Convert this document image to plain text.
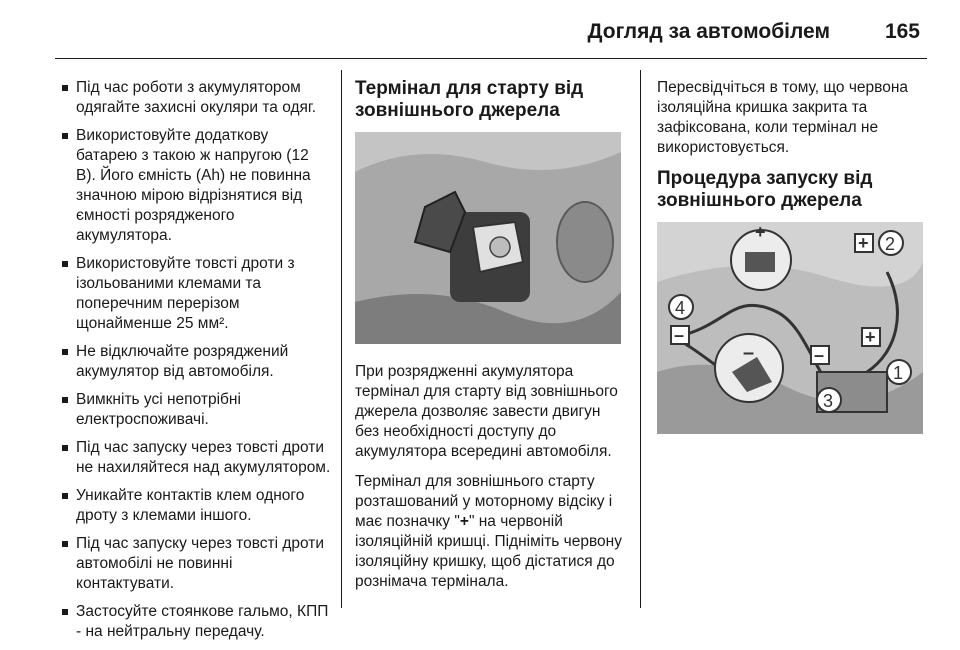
Догляд за автомобілем	165
Під час роботи з акумулятором одягайте захисні окуляри та одяг.
Використовуйте додаткову батарею з такою ж напругою (12 В). Його ємність (Ah) не повинна значною мірою відрізнятися від ємності розрядженого акумулятора.
Використовуйте товсті дроти з ізольованими клемами та поперечним перерізом щонайменше 25 мм².
Не відключайте розряджений акумулятор від автомобіля.
Вимкніть усі непотрібні електроспоживачі.
Під час запуску через товсті дроти не нахиляйтеся над акумулятором.
Уникайте контактів клем одного дроту з клемами іншого.
Під час запуску через товсті дроти автомобілі не повинні контактувати.
Застосуйте стоянкове гальмо, КПП - на нейтральну передачу.
Термінал для старту від зовнішнього джерела

При розрядженні акумулятора термінал для старту від зовнішнього джерела дозволяє завести двигун без необхідності доступу до акумулятора всередині автомобіля.

Термінал для зовнішнього старту розташований у моторному відсіку і має позначку "+" на червоній ізоляційній кришці. Підніміть червону ізоляційну кришку, щоб дістатися до рознімача термінала.

Пересвідчіться в тому, що червона ізоляційна кришка закрита та зафіксована, коли термінал не використовується.

Процедура запуску від зовнішнього джерела
+
+ 2
4
–	+
–	–
1
3
